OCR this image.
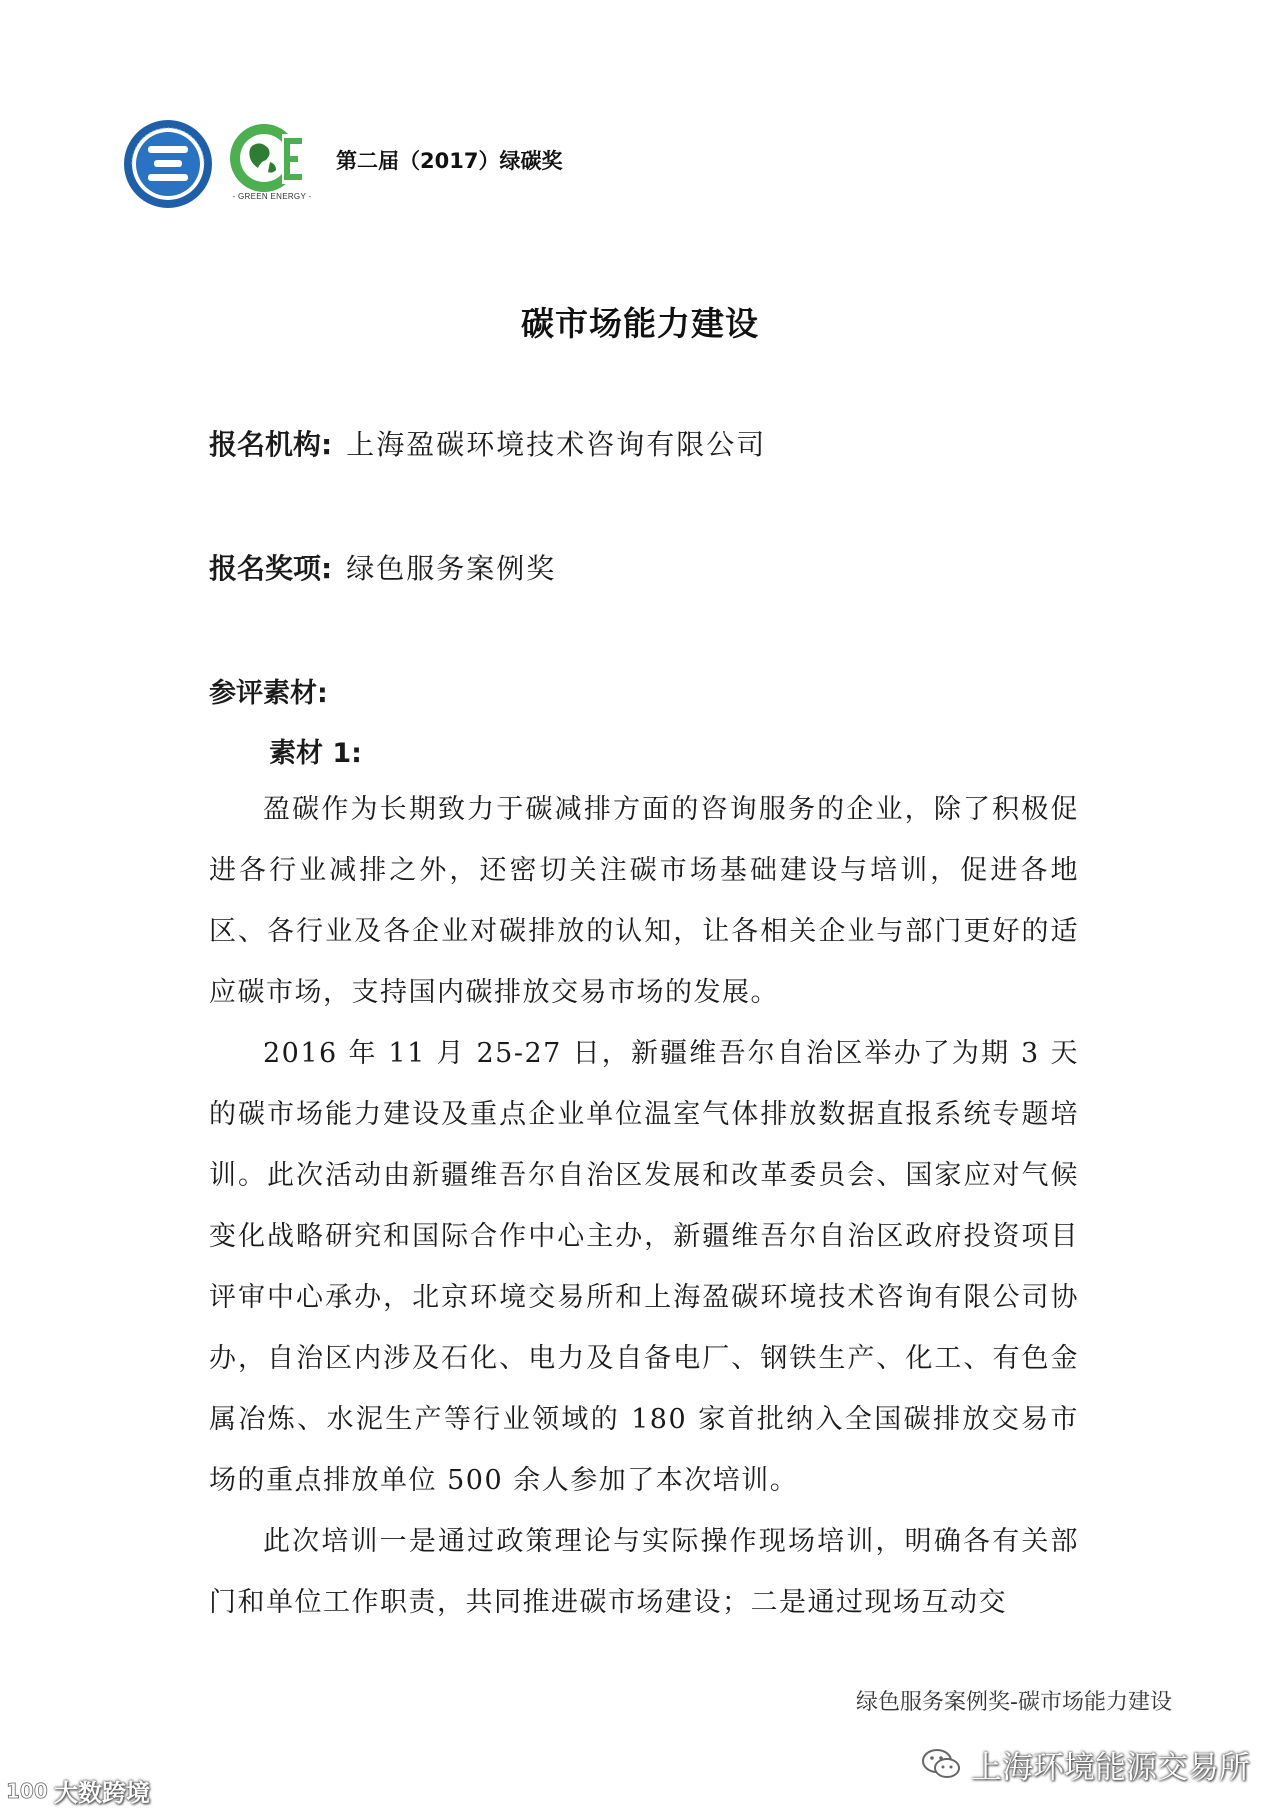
- GREEN ENERGY -
第二届（2017）绿碳奖
碳市场能力建设
报名机构: 上海盈碳环境技术咨询有限公司
报名奖项: 绿色服务案例奖
参评素材:
素材 1:

盈碳作为长期致力于碳减排方面的咨询服务的企业，除了积极促进各行业减排之外，还密切关注碳市场基础建设与培训，促进各地区、各行业及各企业对碳排放的认知，让各相关企业与部门更好的适应碳市场，支持国内碳排放交易市场的发展。

2016 年 11 月 25-27 日，新疆维吾尔自治区举办了为期 3 天的碳市场能力建设及重点企业单位温室气体排放数据直报系统专题培训。此次活动由新疆维吾尔自治区发展和改革委员会、国家应对气候变化战略研究和国际合作中心主办，新疆维吾尔自治区政府投资项目评审中心承办，北京环境交易所和上海盈碳环境技术咨询有限公司协办，自治区内涉及石化、电力及自备电厂、钢铁生产、化工、有色金属冶炼、水泥生产等行业领域的 180 家首批纳入全国碳排放交易市场的重点排放单位 500 余人参加了本次培训。

此次培训一是通过政策理论与实际操作现场培训，明确各有关部门和单位工作职责，共同推进碳市场建设；二是通过现场互动交

绿色服务案例奖-碳市场能力建设
上海环境能源交易所
100 大数跨境
